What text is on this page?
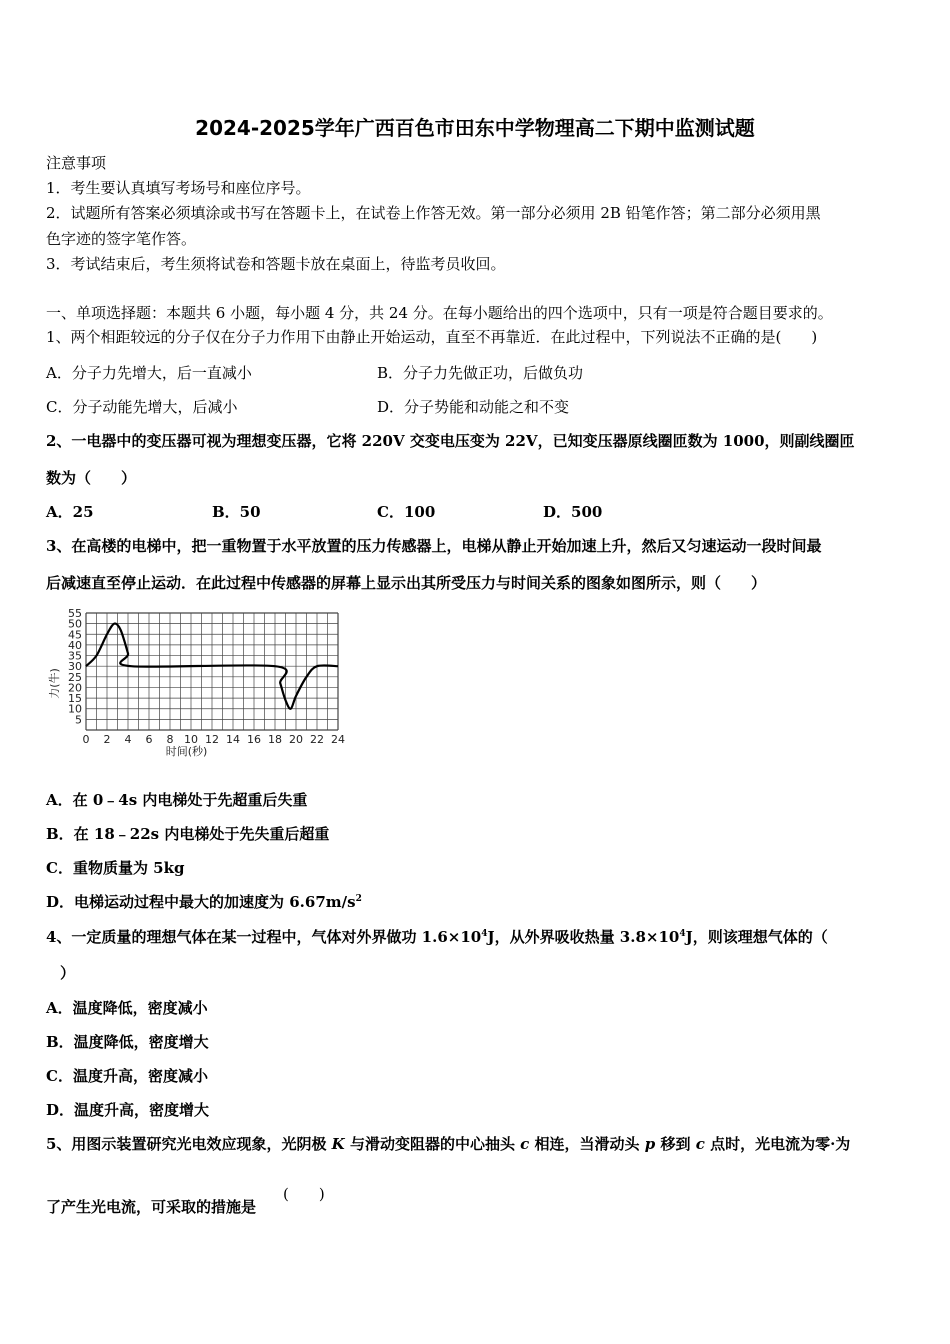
2024-2025学年广西百色市田东中学物理高二下期中监测试题
注意事项
1．考生要认真填写考场号和座位序号。
2．试题所有答案必须填涂或书写在答题卡上，在试卷上作答无效。第一部分必须用 2B 铅笔作答；第二部分必须用黑
色字迹的签字笔作答。
3．考试结束后，考生须将试卷和答题卡放在桌面上，待监考员收回。
一、单项选择题：本题共 6 小题，每小题 4 分，共 24 分。在每小题给出的四个选项中，只有一项是符合题目要求的。
1、两个相距较远的分子仅在分子力作用下由静止开始运动，直至不再靠近．在此过程中，下列说法不正确的是(　　)
A．分子力先增大，后一直减小	B．分子力先做正功，后做负功
C．分子动能先增大，后减小	D．分子势能和动能之和不变
2、一电器中的变压器可视为理想变压器，它将 220V 交变电压变为 22V，已知变压器原线圈匝数为 1000，则副线圈匝
数为（　　）
A．25	B．50	C．100	D．500
3、在高楼的电梯中，把一重物置于水平放置的压力传感器上，电梯从静止开始加速上升，然后又匀速运动一段时间最
后减速直至停止运动．在此过程中传感器的屏幕上显示出其所受压力与时间关系的图象如图所示，则（　　）
0 2 4 6 8 10 12 14 16 18 20 22 24
5
10
15
20
25
30
35
40
45
50
55
时间(秒)
力(牛)
A．在 0﹣4s 内电梯处于先超重后失重
B．在 18﹣22s 内电梯处于先失重后超重
C．重物质量为 5kg
D．电梯运动过程中最大的加速度为 $6.67m/s^2$
4、一定质量的理想气体在某一过程中，气体对外界做功 $1.6\times 10^4J$，从外界吸收热量 $3.8\times 10^4J$，则该理想气体的（
）
A．温度降低，密度减小
B．温度降低，密度增大
C．温度升高，密度减小
D．温度升高，密度增大
5、用图示装置研究光电效应现象，光阴极 K 与滑动变阻器的中心抽头 c 相连，当滑动头 p 移到 c 点时，光电流为零·为
了产生光电流，可采取的措施是
(　　)
